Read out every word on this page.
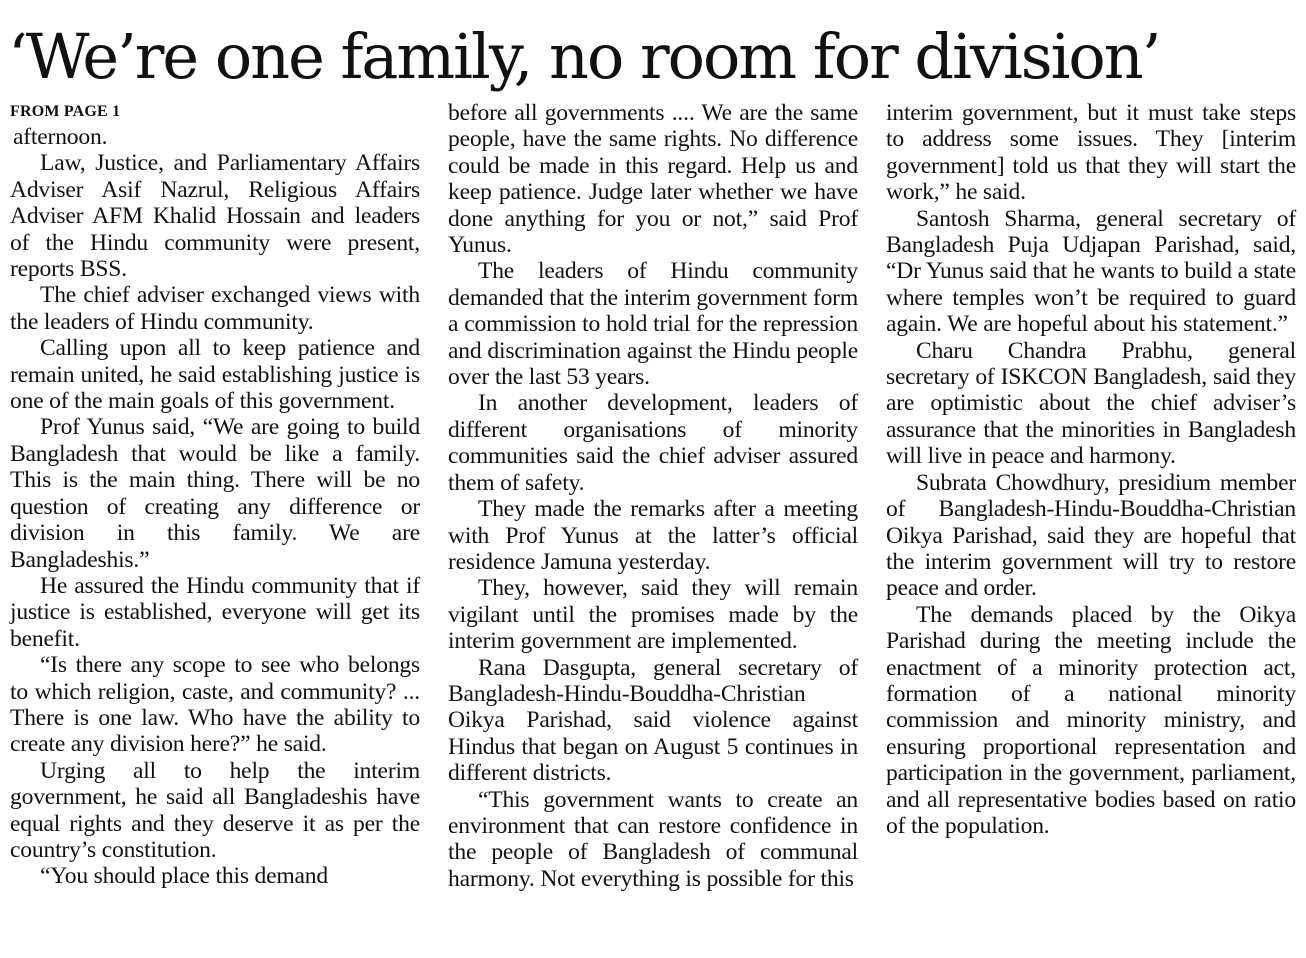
‘We’re one family, no room for division’
FROM PAGE 1

afternoon.

Law, Justice, and Parliamentary Affairs Adviser Asif Nazrul, Religious Affairs Adviser AFM Khalid Hossain and leaders of the Hindu community were present, reports BSS.

The chief adviser exchanged views with the leaders of Hindu community.

Calling upon all to keep patience and remain united, he said establishing justice is one of the main goals of this government.

Prof Yunus said, “We are going to build Bangladesh that would be like a family. This is the main thing. There will be no question of creating any difference or division in this family. We are Bangladeshis.”

He assured the Hindu community that if justice is established, everyone will get its benefit.

“Is there any scope to see who belongs to which religion, caste, and community? ... There is one law. Who have the ability to create any division here?” he said.

Urging all to help the interim government, he said all Bangladeshis have equal rights and they deserve it as per the country’s constitution.

“You should place this demand

before all governments .... We are the same people, have the same rights. No difference could be made in this regard. Help us and keep patience. Judge later whether we have done anything for you or not,” said Prof Yunus.

The leaders of Hindu community demanded that the interim government form a commission to hold trial for the repression and discrimination against the Hindu people over the last 53 years.

In another development, leaders of different organisations of minority communities said the chief adviser assured them of safety.

They made the remarks after a meeting with Prof Yunus at the latter’s official residence Jamuna yesterday.

They, however, said they will remain vigilant until the promises made by the interim government are implemented.

Rana Dasgupta, general secretary of Bangladesh-Hindu-Bouddha-Christian Oikya Parishad, said violence against Hindus that began on August 5 continues in different districts.

“This government wants to create an environment that can restore confidence in the people of Bangladesh of communal harmony. Not everything is possible for this

interim government, but it must take steps to address some issues. They [interim government] told us that they will start the work,” he said.

Santosh Sharma, general secretary of Bangladesh Puja Udjapan Parishad, said, “Dr Yunus said that he wants to build a state where temples won’t be required to guard again. We are hopeful about his statement.”

Charu Chandra Prabhu, general secretary of ISKCON Bangladesh, said they are optimistic about the chief adviser’s assurance that the minorities in Bangladesh will live in peace and harmony.

Subrata Chowdhury, presidium member of Bangladesh-Hindu-Bouddha-Christian Oikya Parishad, said they are hopeful that the interim government will try to restore peace and order.

The demands placed by the Oikya Parishad during the meeting include the enactment of a minority protection act, formation of a national minority commission and minority ministry, and ensuring proportional representation and participation in the government, parliament, and all representative bodies based on ratio of the population.
